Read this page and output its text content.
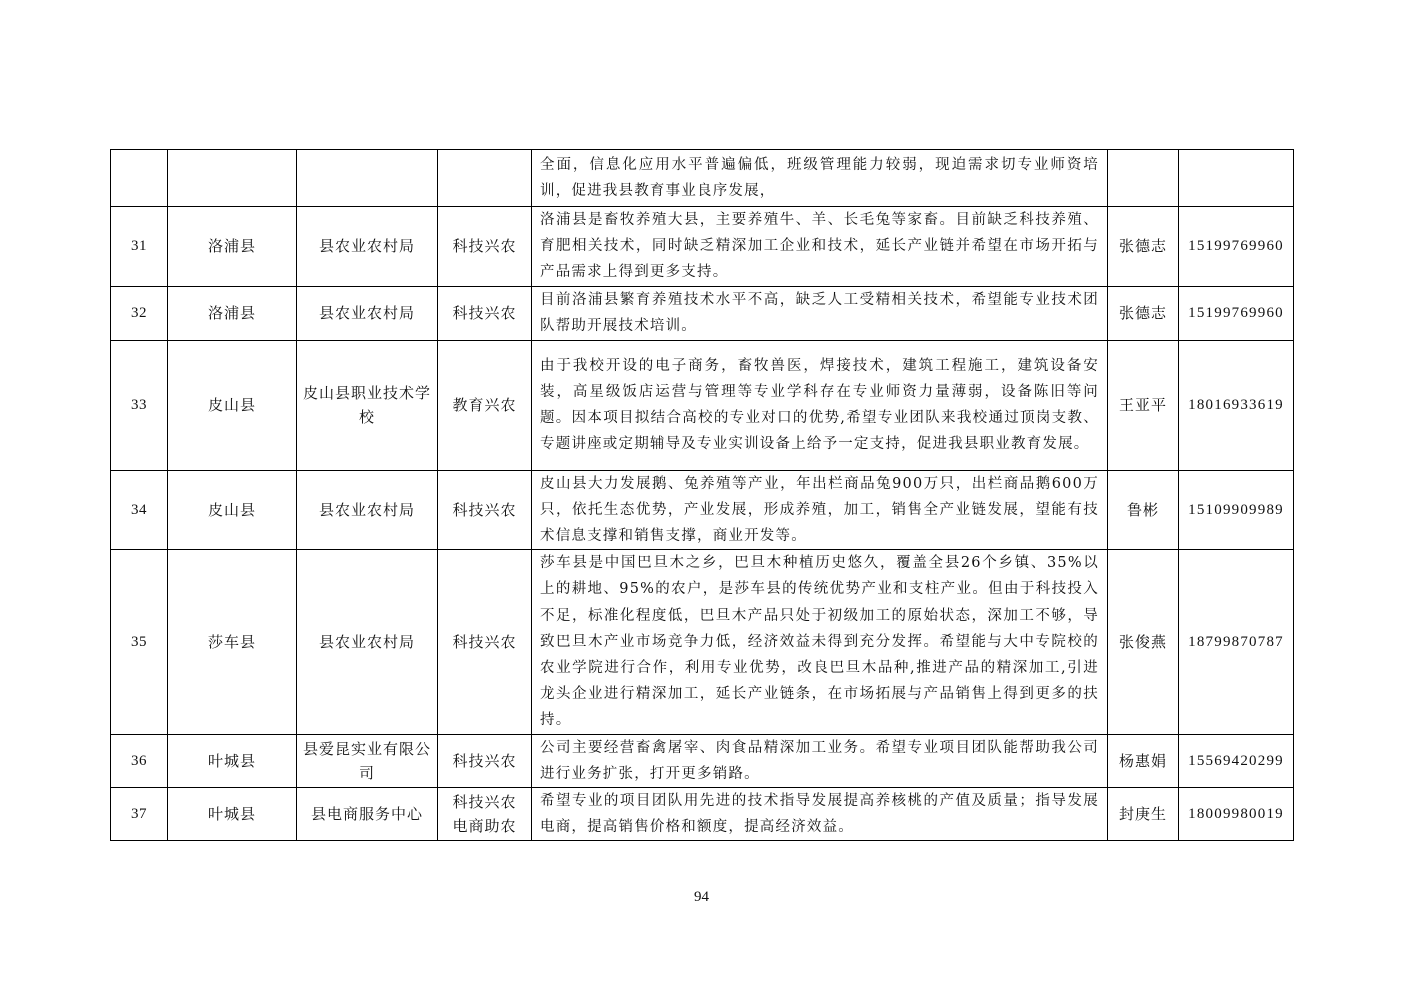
				全面，信息化应用水平普遍偏低，班级管理能力较弱，现迫需求切专业师资培训，促进我县教育事业良序发展，		
31	洛浦县	县农业农村局	科技兴农	洛浦县是畜牧养殖大县，主要养殖牛、羊、长毛兔等家畜。目前缺乏科技养殖、育肥相关技术，同时缺乏精深加工企业和技术，延长产业链并希望在市场开拓与产品需求上得到更多支持。	张德志	15199769960
32	洛浦县	县农业农村局	科技兴农	目前洛浦县繁育养殖技术水平不高，缺乏人工受精相关技术，希望能专业技术团队帮助开展技术培训。	张德志	15199769960
33	皮山县	皮山县职业技术学校	教育兴农	由于我校开设的电子商务，畜牧兽医，焊接技术，建筑工程施工，建筑设备安装，高星级饭店运营与管理等专业学科存在专业师资力量薄弱，设备陈旧等问题。因本项目拟结合高校的专业对口的优势,希望专业团队来我校通过顶岗支教、专题讲座或定期辅导及专业实训设备上给予一定支持，促进我县职业教育发展。	王亚平	18016933619
34	皮山县	县农业农村局	科技兴农	皮山县大力发展鹅、兔养殖等产业，年出栏商品兔900万只，出栏商品鹅600万只，依托生态优势，产业发展，形成养殖，加工，销售全产业链发展，望能有技术信息支撑和销售支撑，商业开发等。	鲁彬	15109909989
35	莎车县	县农业农村局	科技兴农	莎车县是中国巴旦木之乡，巴旦木种植历史悠久，覆盖全县26个乡镇、35%以上的耕地、95%的农户，是莎车县的传统优势产业和支柱产业。但由于科技投入不足，标准化程度低，巴旦木产品只处于初级加工的原始状态，深加工不够，导致巴旦木产业市场竞争力低，经济效益未得到充分发挥。希望能与大中专院校的农业学院进行合作，利用专业优势，改良巴旦木品种,推进产品的精深加工,引进龙头企业进行精深加工，延长产业链条，在市场拓展与产品销售上得到更多的扶持。	张俊燕	18799870787
36	叶城县	县爱昆实业有限公司	科技兴农	公司主要经营畜禽屠宰、肉食品精深加工业务。希望专业项目团队能帮助我公司进行业务扩张，打开更多销路。	杨惠娟	15569420299
37	叶城县	县电商服务中心	科技兴农 电商助农	希望专业的项目团队用先进的技术指导发展提高养核桃的产值及质量；指导发展电商，提高销售价格和额度，提高经济效益。	封庚生	18009980019
94
